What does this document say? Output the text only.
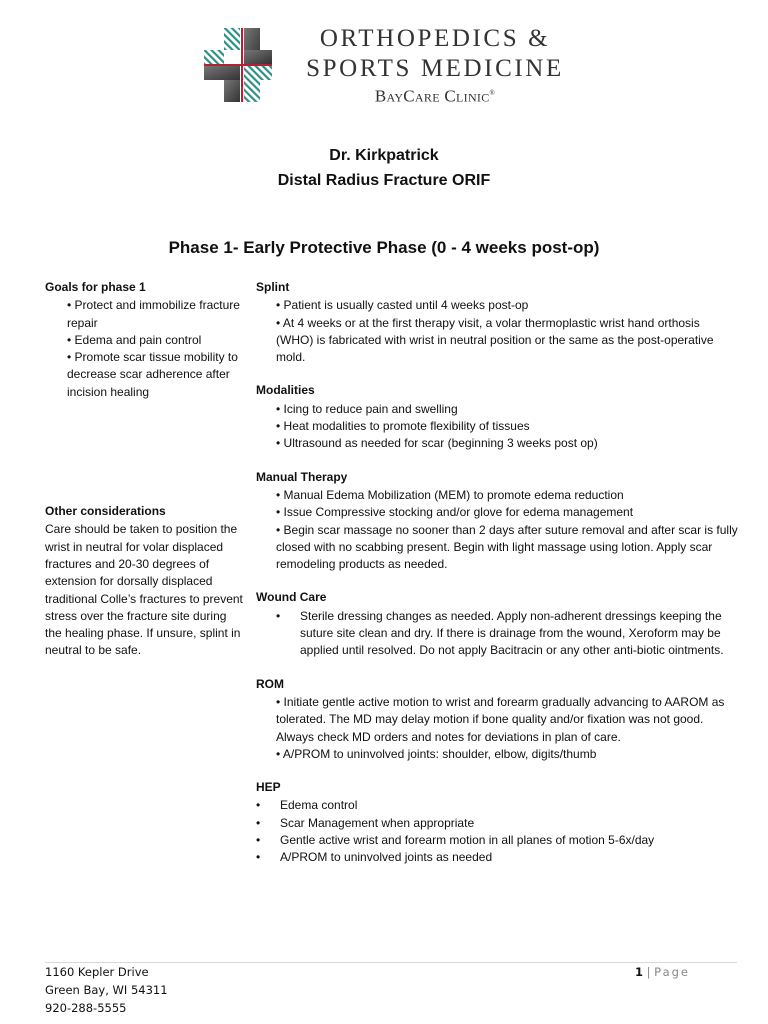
ORTHOPEDICS &
SPORTS MEDICINE
BayCare Clinic®
Dr. Kirkpatrick
Distal Radius Fracture ORIF
Phase 1- Early Protective Phase (0 - 4 weeks post-op)
Goals for phase 1
• Protect and immobilize fracture repair
• Edema and pain control
• Promote scar tissue mobility to decrease scar adherence after incision healing
Other considerations
Care should be taken to position the wrist in neutral for volar displaced fractures and 20-30 degrees of extension for dorsally displaced traditional Colle’s fractures to prevent stress over the fracture site during the healing phase. If unsure, splint in neutral to be safe.
Splint
• Patient is usually casted until 4 weeks post-op
• At 4 weeks or at the first therapy visit, a volar thermoplastic wrist hand orthosis (WHO) is fabricated with wrist in neutral position or the same as the post-operative mold.
Modalities
• Icing to reduce pain and swelling
• Heat modalities to promote flexibility of tissues
• Ultrasound as needed for scar (beginning 3 weeks post op)
Manual Therapy
• Manual Edema Mobilization (MEM) to promote edema reduction
• Issue Compressive stocking and/or glove for edema management
• Begin scar massage no sooner than 2 days after suture removal and after scar is fully closed with no scabbing present. Begin with light massage using lotion. Apply scar remodeling products as needed.
Wound Care
•	Sterile dressing changes as needed. Apply non-adherent dressings keeping the suture site clean and dry. If there is drainage from the wound, Xeroform may be applied until resolved. Do not apply Bacitracin or any other anti-biotic ointments.
ROM
• Initiate gentle active motion to wrist and forearm gradually advancing to AAROM as tolerated. The MD may delay motion if bone quality and/or fixation was not good. Always check MD orders and notes for deviations in plan of care.
• A/PROM to uninvolved joints: shoulder, elbow, digits/thumb
HEP
•	Edema control
•	Scar Management when appropriate
•	Gentle active wrist and forearm motion in all planes of motion 5-6x/day
•	A/PROM to uninvolved joints as needed
1160 Kepler Drive
Green Bay, WI 54311
920-288-5555
1 | Page
